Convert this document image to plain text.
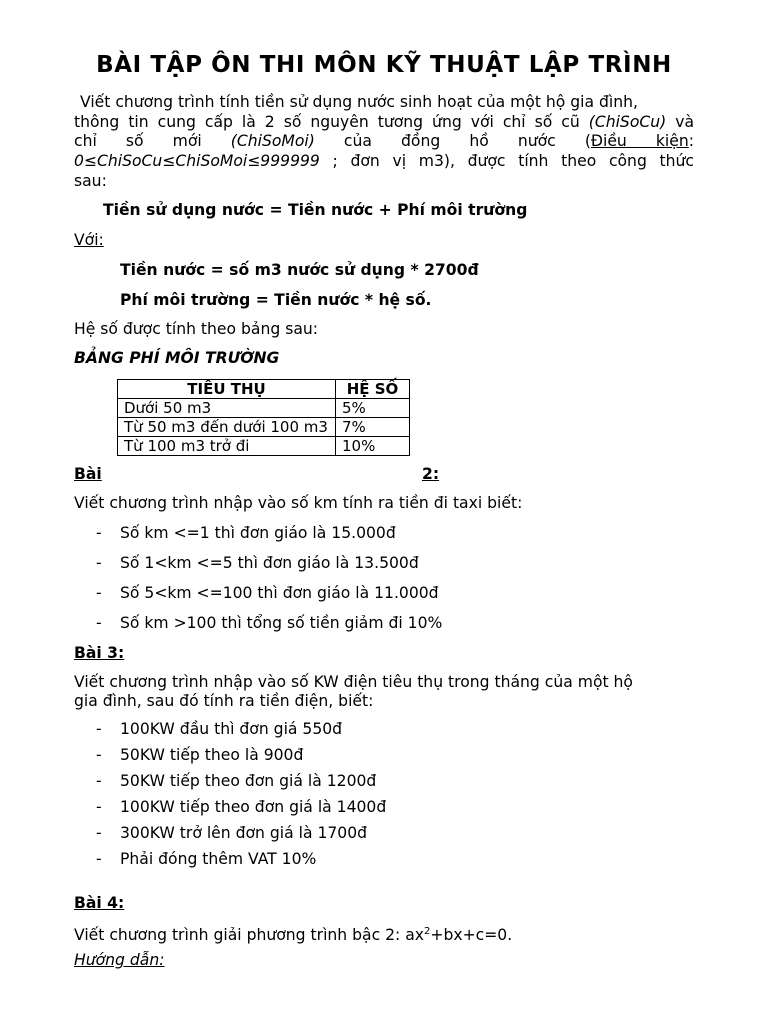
BÀI TẬP ÔN THI MÔN KỸ THUẬT LẬP TRÌNH
Viết chương trình tính tiền sử dụng nước sinh hoạt của một hộ gia đình,
thông tin cung cấp là 2 số nguyên tương ứng với chỉ số cũ (ChiSoCu) và
chỉ số mới (ChiSoMoi) của đồng hồ nước (Điều kiện:
0≤ChiSoCu≤ChiSoMoi≤999999 ; đơn vị m3), được tính theo công thức
sau:
Tiền sử dụng nước = Tiền nước + Phí môi trường
Với:
Tiền nước = số m3 nước sử dụng * 2700đ
Phí môi trường = Tiền nước * hệ số.
Hệ số được tính theo bảng sau:
BẢNG PHÍ MÔI TRƯỜNG
TIÊU THỤ	HỆ SỐ
Dưới 50 m3	5%
Từ 50 m3 đến dưới 100 m3	7%
Từ 100 m3 trở đi	10%
Bài	2:
Viết chương trình nhập vào số km tính ra tiền đi taxi biết:
- Số km <=1 thì đơn giáo là 15.000đ
- Số 1<km <=5 thì đơn giáo là 13.500đ
- Số 5<km <=100 thì đơn giáo là 11.000đ
- Số km >100 thì tổng số tiền giảm đi 10%
Bài 3:
Viết chương trình nhập vào số KW điện tiêu thụ trong tháng của một hộ
gia đình, sau đó tính ra tiền điện, biết:
- 100KW đầu thì đơn giá 550đ
- 50KW tiếp theo là 900đ
- 50KW tiếp theo đơn giá là 1200đ
- 100KW tiếp theo đơn giá là 1400đ
- 300KW trở lên đơn giá là 1700đ
- Phải đóng thêm VAT 10%
Bài 4:
Viết chương trình giải phương trình bậc 2: $ax^2+bx+c=0$.
Hướng dẫn:
